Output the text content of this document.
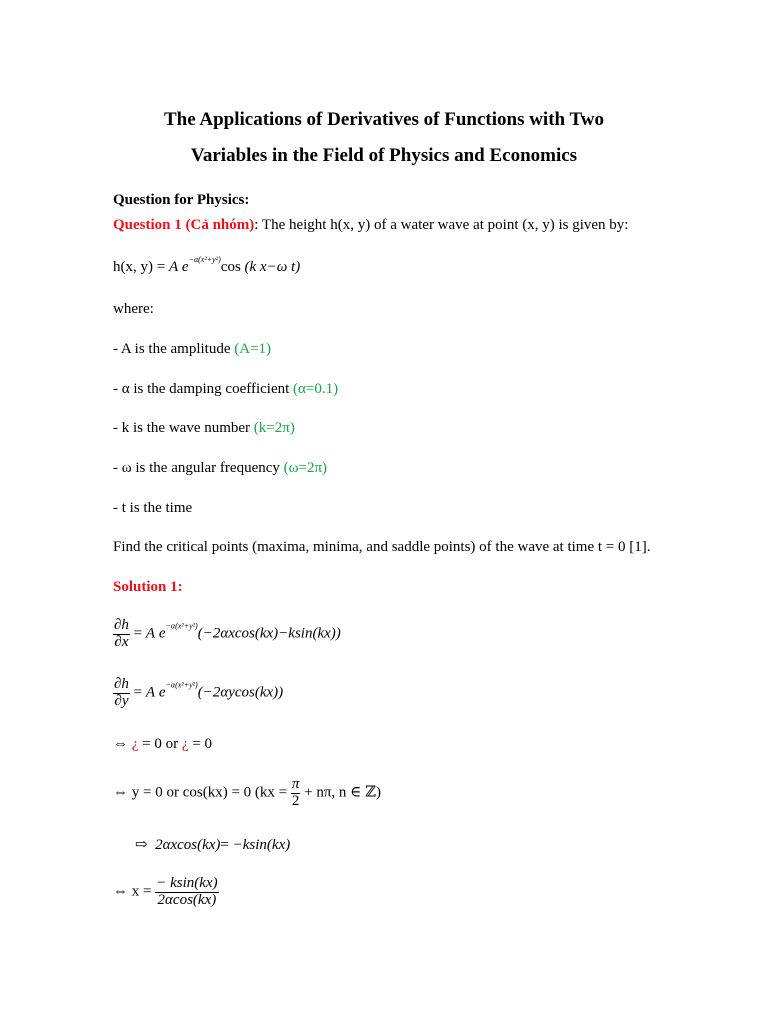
The Applications of Derivatives of Functions with Two
Variables in the Field of Physics and Economics
Question for Physics:
Question 1 (Cả nhóm): The height h(x, y) of a water wave at point (x, y) is given by:
h(x, y) = A $e^{-\alpha(x^2+y^2)}\cos$ (k x−ω t)
where:
- A is the amplitude (A=1)
- α is the damping coefficient (α=0.1)
- k is the wave number (k=2π)
- ω is the angular frequency (ω=2π)
- t is the time
Find the critical points (maxima, minima, and saddle points) of the wave at time t = 0 [1].
Solution 1:
$\frac{\partial h}{\partial x} = A$ $e^{-\alpha(x^2+y^2)}(-2\alpha xcos(kx)-ksin(kx))$
$\frac{\partial h}{\partial y} = A$ $e^{-\alpha(x^2+y^2)}(-2\alpha ycos(kx))$
⇔ ¿ = 0 or ¿ = 0
⇔ y = 0 or cos(kx) = 0 ($kx = \frac{\pi}{2} + n\pi$, n ∈ ℤ)
⇨ 2αxcos(kx)= −ksin(kx)
⇔ $x = \frac{- ksin(kx)}{2\alpha\cos(kx)}$
